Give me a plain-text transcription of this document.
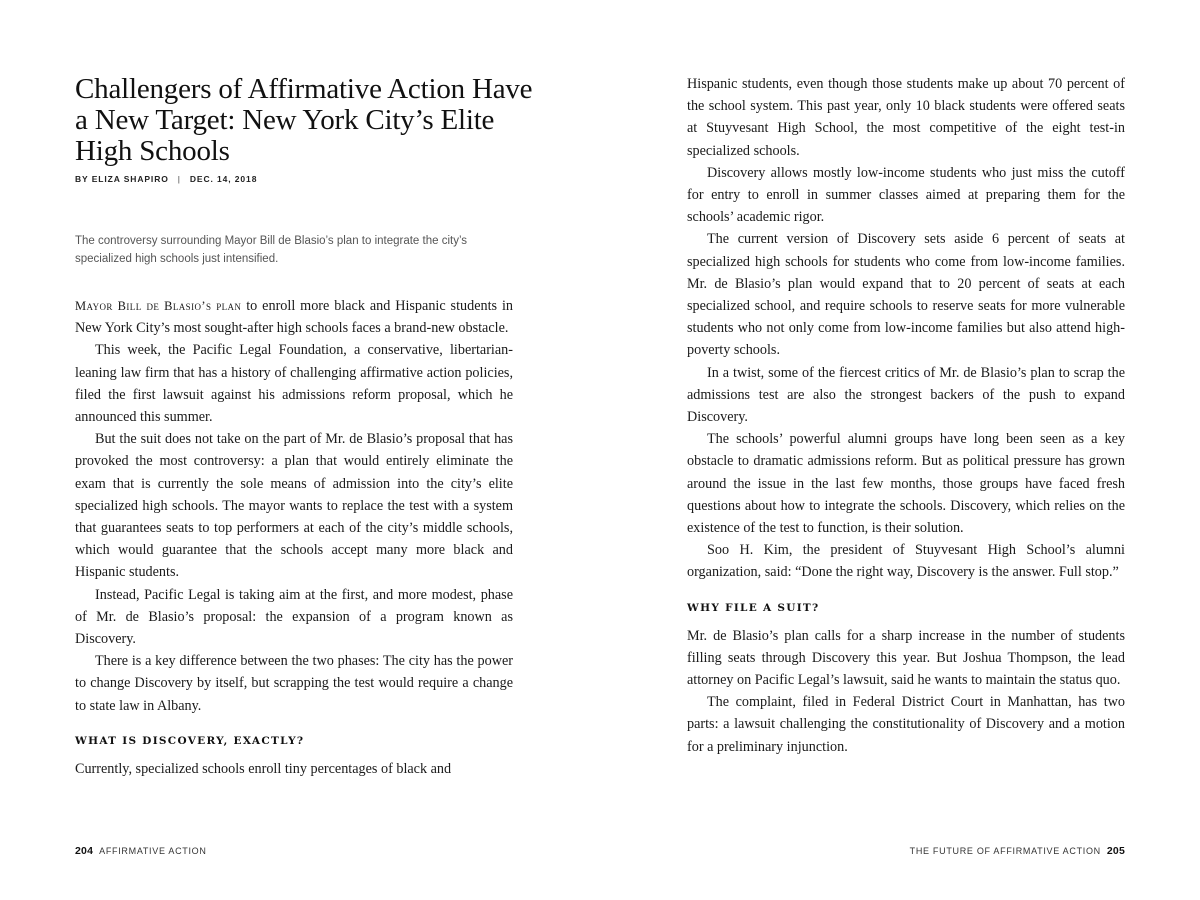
Challengers of Affirmative Action Have a New Target: New York City’s Elite High Schools
BY ELIZA SHAPIRO | DEC. 14, 2018
The controversy surrounding Mayor Bill de Blasio’s plan to integrate the city’s specialized high schools just intensified.

Mayor Bill de Blasio’s plan to enroll more black and Hispanic students in New York City’s most sought-after high schools faces a brand-new obstacle.

This week, the Pacific Legal Foundation, a conservative, libertarian-leaning law firm that has a history of challenging affirmative action policies, filed the first lawsuit against his admissions reform proposal, which he announced this summer.

But the suit does not take on the part of Mr. de Blasio’s proposal that has provoked the most controversy: a plan that would entirely eliminate the exam that is currently the sole means of admission into the city’s elite specialized high schools. The mayor wants to replace the test with a system that guarantees seats to top performers at each of the city’s middle schools, which would guarantee that the schools accept many more black and Hispanic students.

Instead, Pacific Legal is taking aim at the first, and more modest, phase of Mr. de Blasio’s proposal: the expansion of a program known as Discovery.

There is a key difference between the two phases: The city has the power to change Discovery by itself, but scrapping the test would require a change to state law in Albany.

WHAT IS DISCOVERY, EXACTLY?

Currently, specialized schools enroll tiny percentages of black and

204 AFFIRMATIVE ACTION

Hispanic students, even though those students make up about 70 percent of the school system. This past year, only 10 black students were offered seats at Stuyvesant High School, the most competitive of the eight test-in specialized schools.

Discovery allows mostly low-income students who just miss the cutoff for entry to enroll in summer classes aimed at preparing them for the schools’ academic rigor.

The current version of Discovery sets aside 6 percent of seats at specialized high schools for students who come from low-income families. Mr. de Blasio’s plan would expand that to 20 percent of seats at each specialized school, and require schools to reserve seats for more vulnerable students who not only come from low-income families but also attend high-poverty schools.

In a twist, some of the fiercest critics of Mr. de Blasio’s plan to scrap the admissions test are also the strongest backers of the push to expand Discovery.

The schools’ powerful alumni groups have long been seen as a key obstacle to dramatic admissions reform. But as political pressure has grown around the issue in the last few months, those groups have faced fresh questions about how to integrate the schools. Discovery, which relies on the existence of the test to function, is their solution.

Soo H. Kim, the president of Stuyvesant High School’s alumni organization, said: “Done the right way, Discovery is the answer. Full stop.”

WHY FILE A SUIT?

Mr. de Blasio’s plan calls for a sharp increase in the number of students filling seats through Discovery this year. But Joshua Thompson, the lead attorney on Pacific Legal’s lawsuit, said he wants to maintain the status quo.

The complaint, filed in Federal District Court in Manhattan, has two parts: a lawsuit challenging the constitutionality of Discovery and a motion for a preliminary injunction.

THE FUTURE OF AFFIRMATIVE ACTION 205
